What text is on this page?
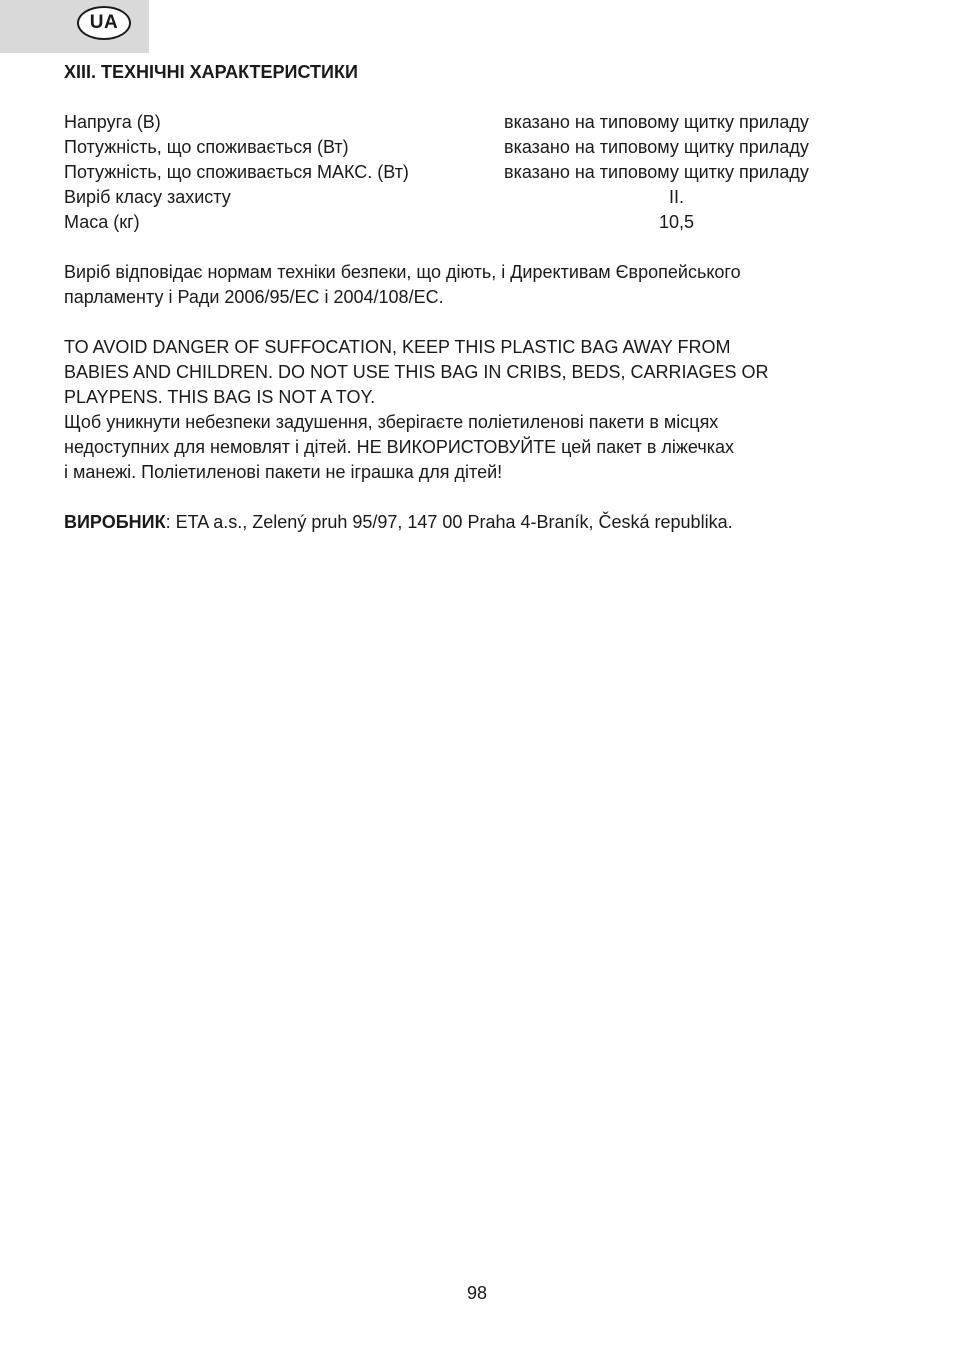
UA
XIII. ТЕХНІЧНІ ХАРАКТЕРИСТИКИ
Напруга (В)	вказано на типовому щитку приладу
Потужність, що споживається (Вт)	вказано на типовому щитку приладу
Потужність, що споживається МАКС. (Вт)	вказано на типовому щитку приладу
Виріб класу захисту	II.
Маса (кг)	10,5

Виріб відповідає нормам техніки безпеки, що діють, і Директивам Європейського
парламенту і Ради 2006/95/ЕС і 2004/108/ЕС.

TO AVOID DANGER OF SUFFOCATION, KEEP THIS PLASTIC BAG AWAY FROM
BABIES AND CHILDREN. DO NOT USE THIS BAG IN CRIBS, BEDS, CARRIAGES OR
PLAYPENS. THIS BAG IS NOT A TOY.

Щоб уникнути небезпеки задушення, зберігаєте поліетиленові пакети в місцях
недоступних для немовлят і дітей. НЕ ВИКОРИСТОВУЙТЕ цей пакет в ліжечках
і манежі. Поліетиленові пакети не іграшка для дітей!

ВИРОБНИК: ETA a.s., Zelený pruh 95/97, 147 00 Praha 4-Braník, Česká republika.

98
